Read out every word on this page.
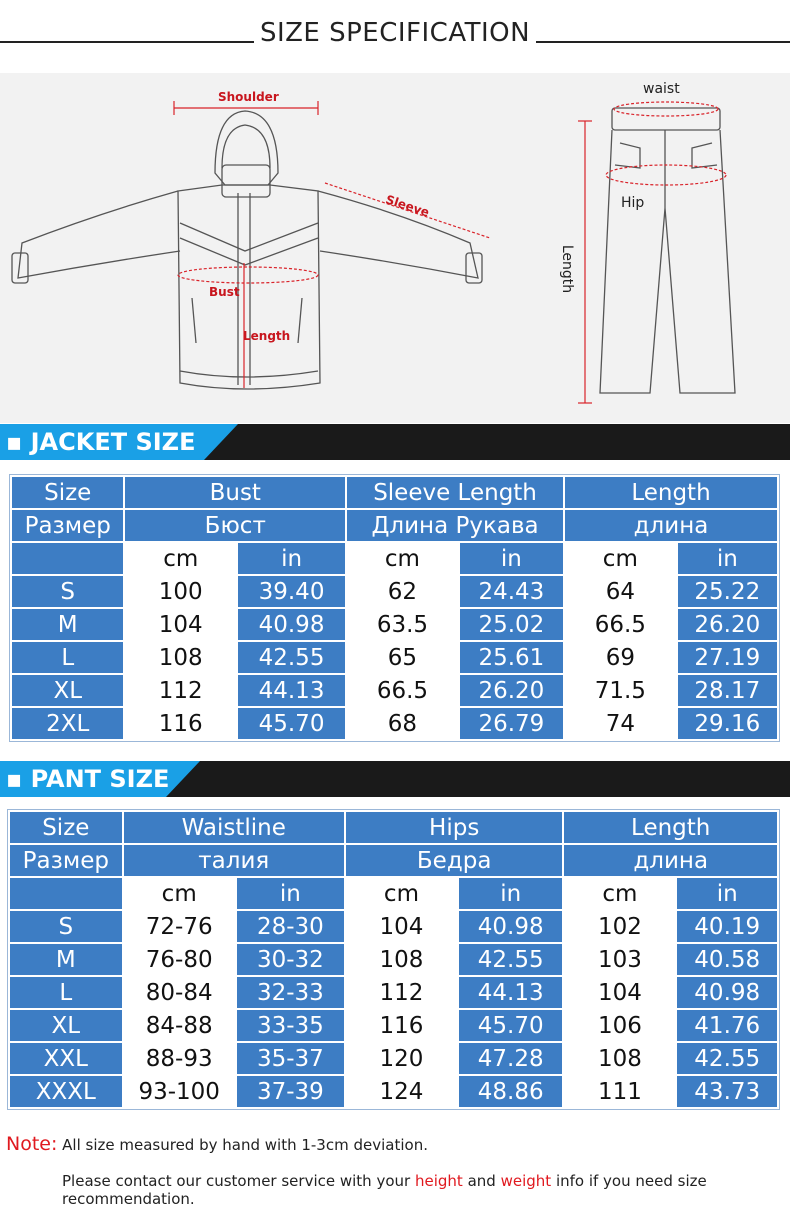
SIZE SPECIFICATION
Shoulder
Sleeve
Bust
Length
waist
Hip
Length
▪ JACKET SIZE
Size	Bust		Sleeve Length		Length	
Размер	Бюст		Длина Рукава		длина	
	cm	in	cm	in	cm	in
S	100	39.40	62	24.43	64	25.22
M	104	40.98	63.5	25.02	66.5	26.20
L	108	42.55	65	25.61	69	27.19
XL	112	44.13	66.5	26.20	71.5	28.17
2XL	116	45.70	68	26.79	74	29.16
▪ PANT SIZE
Size	Waistline		Hips		Length	
Размер	талия		Бедра		длина	
	cm	in	cm	in	cm	in
S	72-76	28-30	104	40.98	102	40.19
M	76-80	30-32	108	42.55	103	40.58
L	80-84	32-33	112	44.13	104	40.98
XL	84-88	33-35	116	45.70	106	41.76
XXL	88-93	35-37	120	47.28	108	42.55
XXXL	93-100	37-39	124	48.86	111	43.73
Note: All size measured by hand with 1-3cm deviation.
Please contact our customer service with your height and weight info if you need size recommendation.
